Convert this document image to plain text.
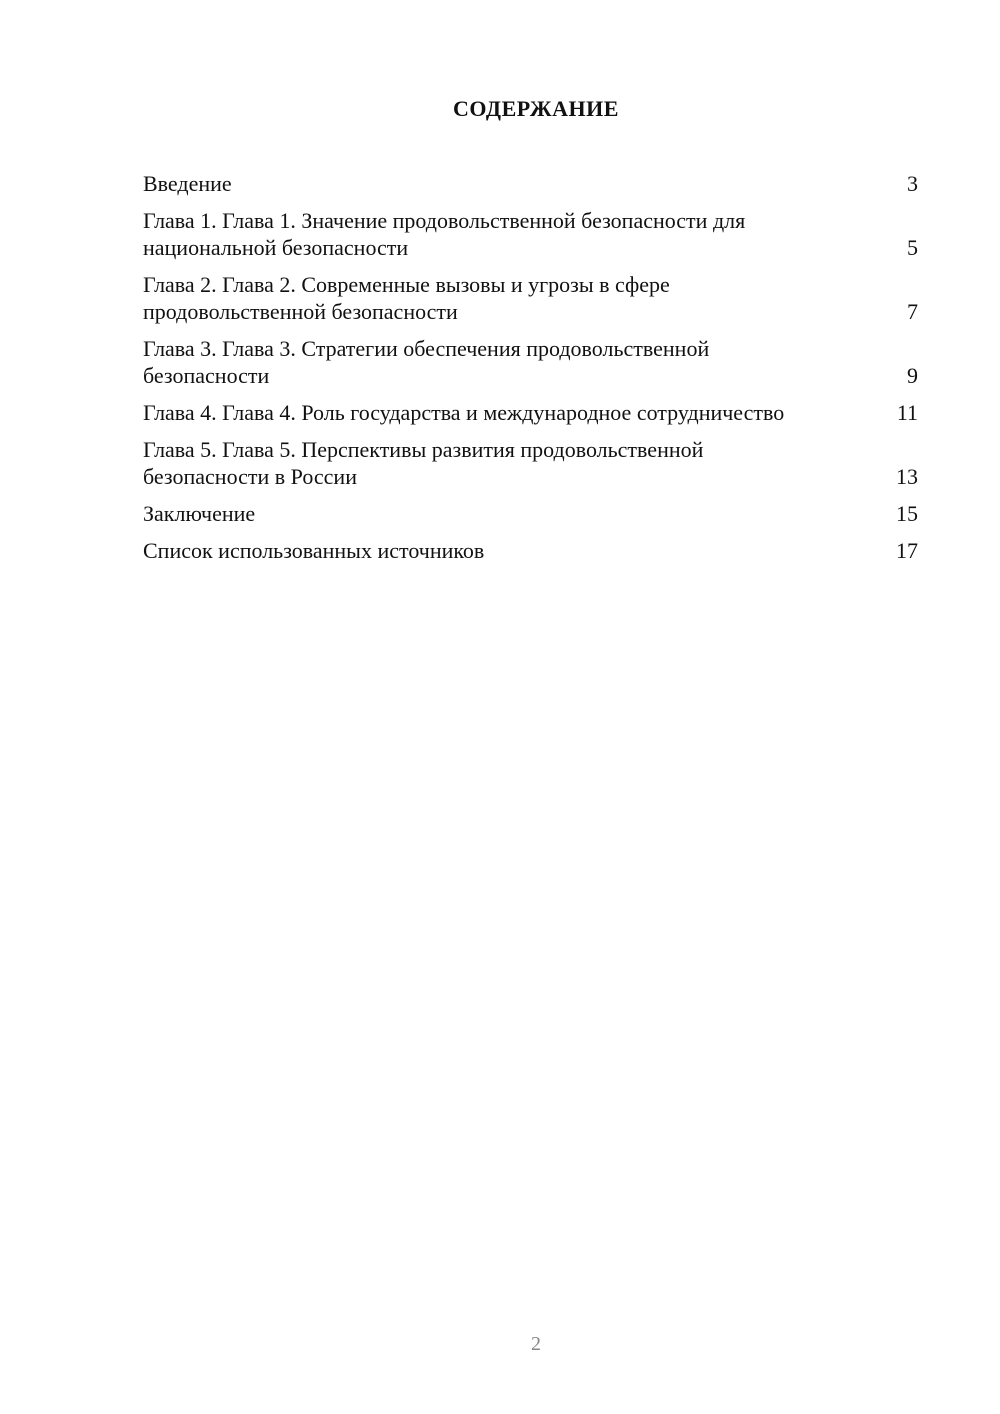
СОДЕРЖАНИЕ
Введение	3
Глава 1. Глава 1. Значение продовольственной безопасности для национальной безопасности	5
Глава 2. Глава 2. Современные вызовы и угрозы в сфере продовольственной безопасности	7
Глава 3. Глава 3. Стратегии обеспечения продовольственной безопасности	9
Глава 4. Глава 4. Роль государства и международное сотрудничество	11
Глава 5. Глава 5. Перспективы развития продовольственной безопасности в России	13
Заключение	15
Список использованных источников	17
2
